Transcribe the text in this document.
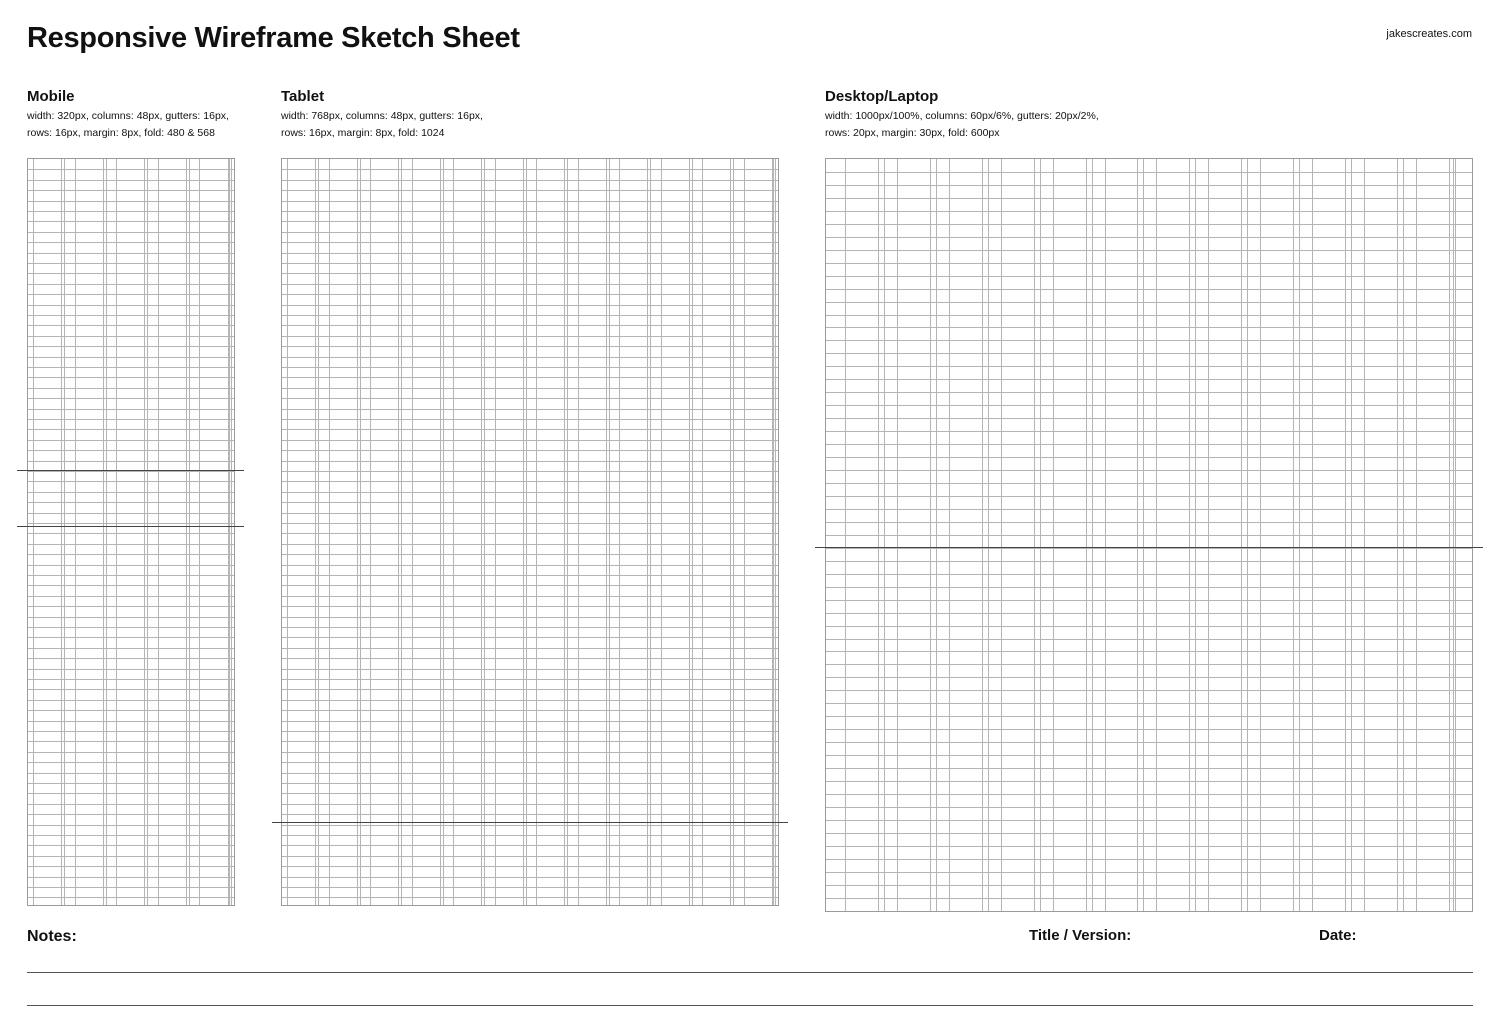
Responsive Wireframe Sketch Sheet	jakescreates.com

Mobile

width: 320px, columns: 48px, gutters: 16px,

rows: 16px, margin: 8px, fold: 480 & 568

Tablet

width: 768px, columns: 48px, gutters: 16px,

rows: 16px, margin: 8px, fold: 1024

Desktop/Laptop

width: 1000px/100%, columns: 60px/6%, gutters: 20px/2%,

rows: 20px, margin: 30px, fold: 600px

Notes:	Title / Version:	Date:
